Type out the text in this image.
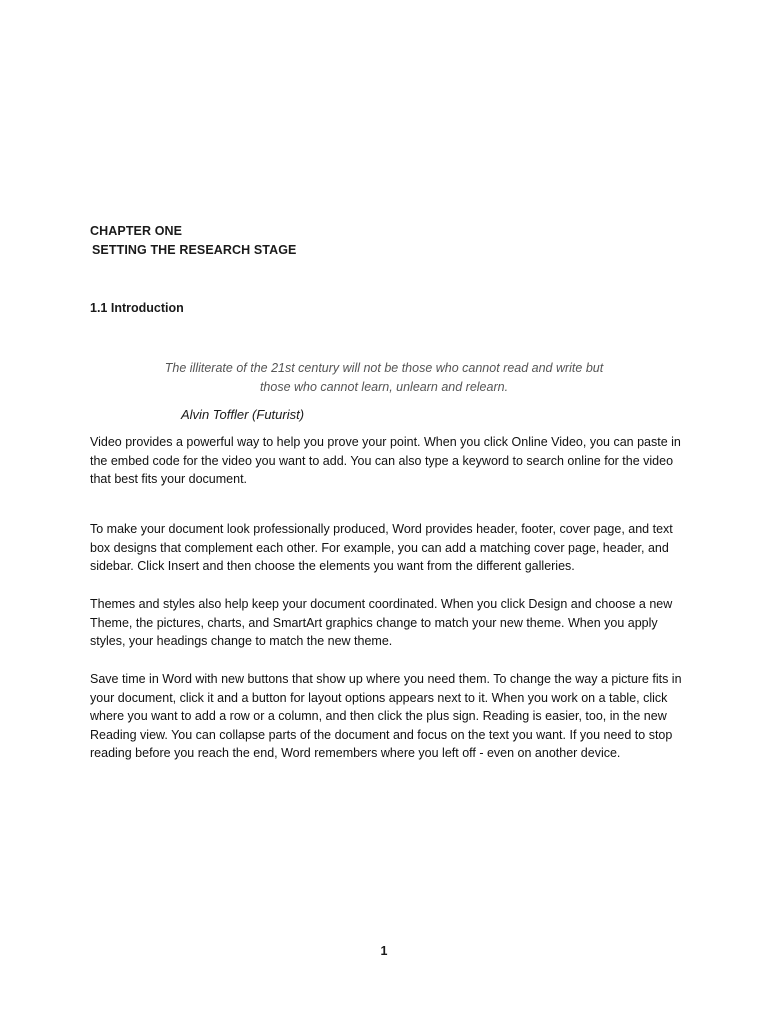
CHAPTER ONE
SETTING THE RESEARCH STAGE
1.1 Introduction
The illiterate of the 21st century will not be those who cannot read and write but
those who cannot learn, unlearn and relearn.
Alvin Toffler (Futurist)

Video provides a powerful way to help you prove your point. When you click Online Video, you can paste in the embed code for the video you want to add. You can also type a keyword to search online for the video that best fits your document.

To make your document look professionally produced, Word provides header, footer, cover page, and text box designs that complement each other. For example, you can add a matching cover page, header, and sidebar. Click Insert and then choose the elements you want from the different galleries.

Themes and styles also help keep your document coordinated. When you click Design and choose a new Theme, the pictures, charts, and SmartArt graphics change to match your new theme. When you apply styles, your headings change to match the new theme.

Save time in Word with new buttons that show up where you need them. To change the way a picture fits in your document, click it and a button for layout options appears next to it. When you work on a table, click where you want to add a row or a column, and then click the plus sign. Reading is easier, too, in the new Reading view. You can collapse parts of the document and focus on the text you want. If you need to stop reading before you reach the end, Word remembers where you left off - even on another device.

1
